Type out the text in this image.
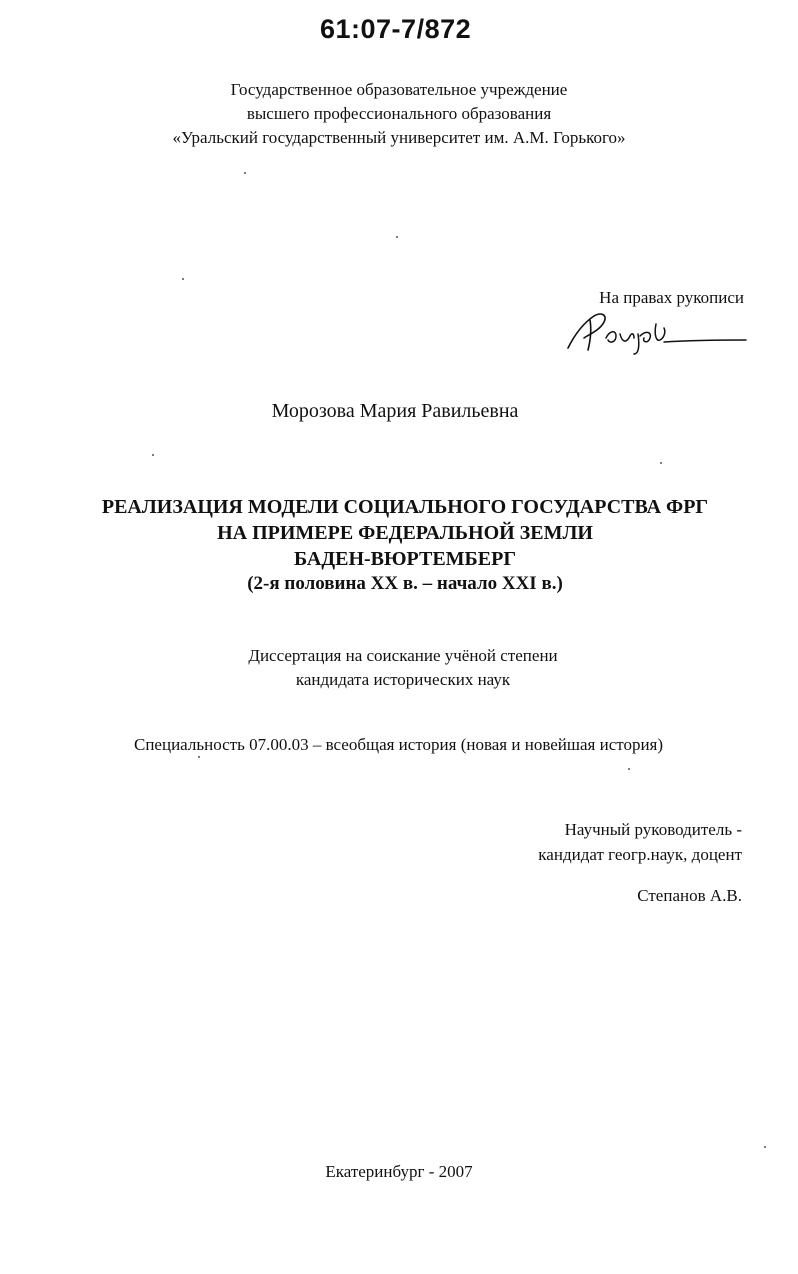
61:07-7/872
Государственное образовательное учреждение
высшего профессионального образования
«Уральский государственный университет им. А.М. Горького»
На правах рукописи
Морозова Мария Равильевна
РЕАЛИЗАЦИЯ МОДЕЛИ СОЦИАЛЬНОГО ГОСУДАРСТВА ФРГ
НА ПРИМЕРЕ ФЕДЕРАЛЬНОЙ ЗЕМЛИ
БАДЕН-ВЮРТЕМБЕРГ
(2-я половина XX в. – начало XXI в.)
Диссертация на соискание учёной степени
кандидата исторических наук
Специальность 07.00.03 – всеобщая история (новая и новейшая история)
Научный руководитель -
кандидат геогр.наук, доцент
Степанов А.В.
Екатеринбург - 2007
